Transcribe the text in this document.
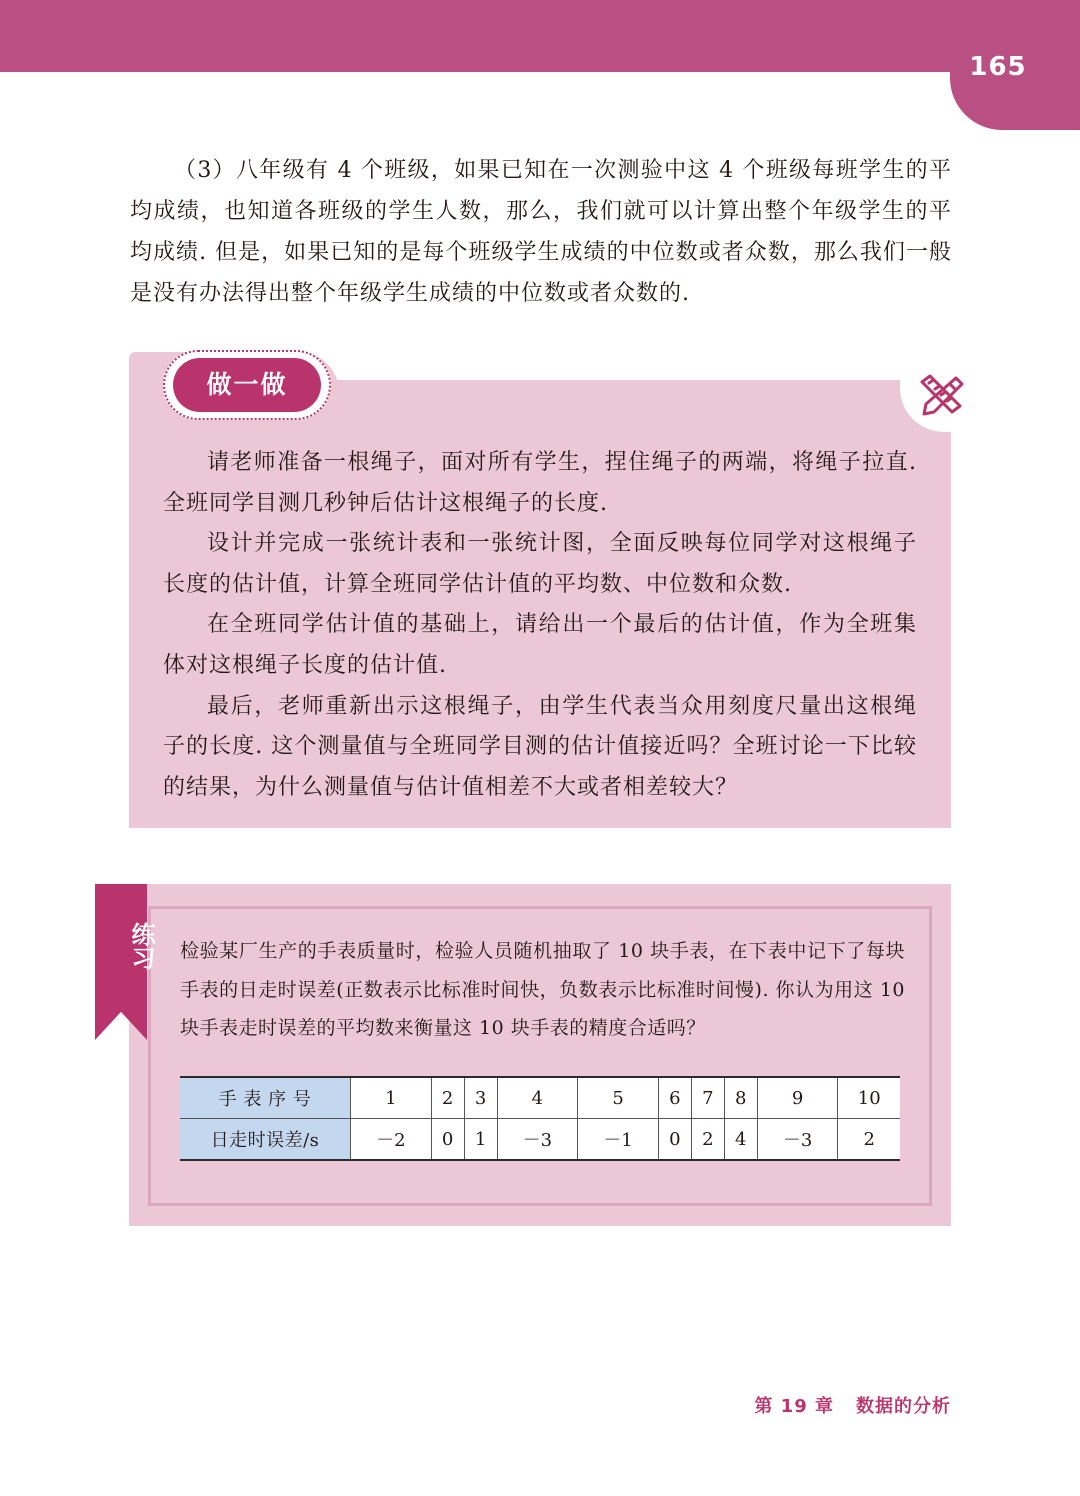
165
（3）八年级有 4 个班级，如果已知在一次测验中这 4 个班级每班学生的平均成绩，也知道各班级的学生人数，那么，我们就可以计算出整个年级学生的平均成绩. 但是，如果已知的是每个班级学生成绩的中位数或者众数，那么我们一般是没有办法得出整个年级学生成绩的中位数或者众数的.
做一做

请老师准备一根绳子，面对所有学生，捏住绳子的两端，将绳子拉直. 全班同学目测几秒钟后估计这根绳子的长度.

设计并完成一张统计表和一张统计图，全面反映每位同学对这根绳子长度的估计值，计算全班同学估计值的平均数、中位数和众数.

在全班同学估计值的基础上，请给出一个最后的估计值，作为全班集体对这根绳子长度的估计值.

最后，老师重新出示这根绳子，由学生代表当众用刻度尺量出这根绳子的长度. 这个测量值与全班同学目测的估计值接近吗？全班讨论一下比较的结果，为什么测量值与估计值相差不大或者相差较大？

练习 检验某厂生产的手表质量时，检验人员随机抽取了 10 块手表，在下表中记下了每块手表的日走时误差(正数表示比标准时间快，负数表示比标准时间慢). 你认为用这 10 块手表走时误差的平均数来衡量这 10 块手表的精度合适吗？

手 表 序 号	1	2	3	4	5	6	7	8	9	10
日走时误差/s	－2	0	1	－3	－1	0	2	4	－3	2
第 19 章 数据的分析
